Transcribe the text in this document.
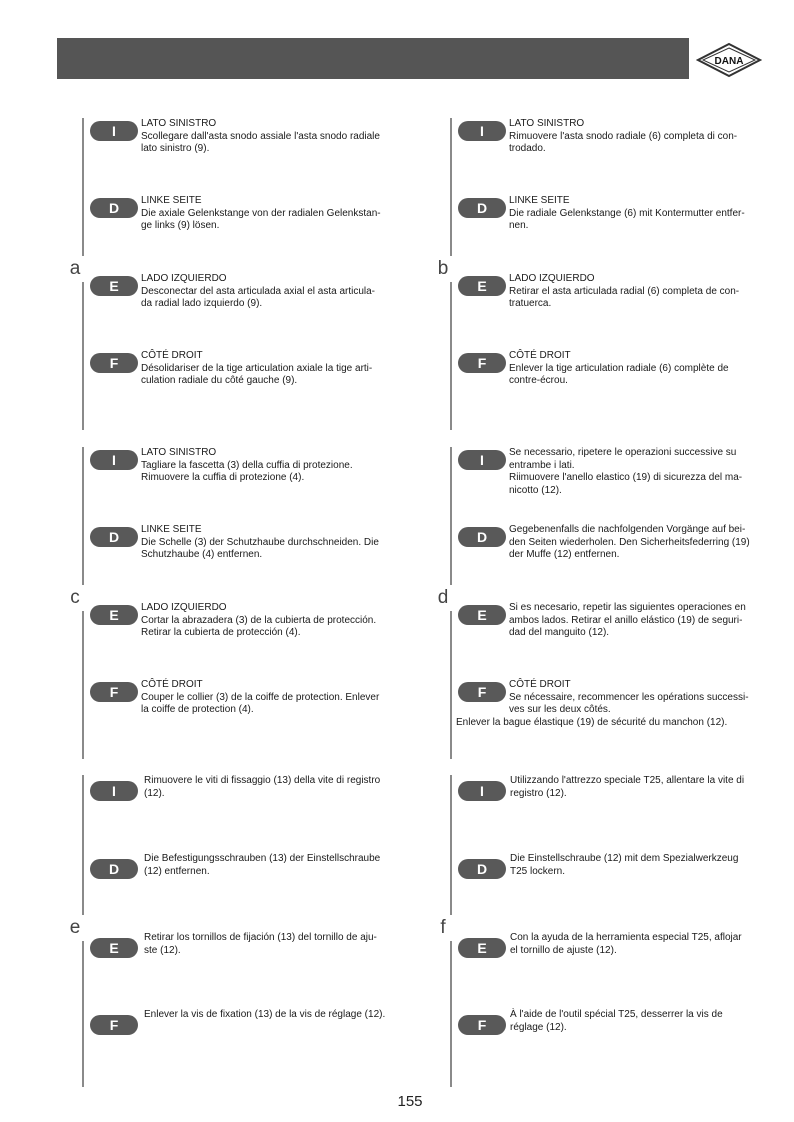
DANA
a
I	LATO SINISTRO
Scollegare dall'asta snodo assiale l'asta snodo radiale
lato sinistro (9).
D	LINKE SEITE
Die axiale Gelenkstange von der radialen Gelenkstan-
ge links (9) lösen.
E	LADO IZQUIERDO
Desconectar del asta articulada axial el asta articula-
da radial lado izquierdo (9).
F	CÔTÉ DROIT
Désolidariser de la tige articulation axiale la tige arti-
culation radiale du côté gauche (9).
b
I	LATO SINISTRO
Rimuovere l'asta snodo radiale (6) completa di con-
trodado.
D	LINKE SEITE
Die radiale Gelenkstange (6) mit Kontermutter entfer-
nen.
E	LADO IZQUIERDO
Retirar el asta articulada radial (6) completa de con-
tratuerca.
F	CÔTÉ DROIT
Enlever la tige articulation radiale (6) complète de
contre-écrou.
c
I	LATO SINISTRO
Tagliare la fascetta (3) della cuffia di protezione.
Rimuovere la cuffia di protezione (4).
D	LINKE SEITE
Die Schelle (3) der Schutzhaube durchschneiden. Die
Schutzhaube (4) entfernen.
E	LADO IZQUIERDO
Cortar la abrazadera (3) de la cubierta de protección.
Retirar la cubierta de protección (4).
F	CÔTÉ DROIT
Couper le collier (3) de la coiffe de protection. Enlever
la coiffe de protection (4).
d
I	Se necessario, ripetere le operazioni successive su
entrambe i lati.
Riimuovere l'anello elastico (19) di sicurezza del ma-
nicotto (12).
D	Gegebenenfalls die nachfolgenden Vorgänge auf bei-
den Seiten wiederholen. Den Sicherheitsfederring (19)
der Muffe (12) entfernen.
E	Si es necesario, repetir las siguientes operaciones en
ambos lados. Retirar el anillo elástico (19) de seguri-
dad del manguito (12).
F	CÔTÉ DROIT
Se nécessaire, recommencer les opérations successi-
ves sur les deux côtés.
Enlever la bague élastique (19) de sécurité du manchon (12).
e
I
Rimuovere le viti di fissaggio (13) della vite di registro
(12).
D
Die Befestigungsschrauben (13) der Einstellschraube
(12) entfernen.
E
Retirar los tornillos de fijación (13) del tornillo de aju-
ste (12).
F
Enlever la vis de fixation (13) de la vis de réglage (12).
f
I
Utilizzando l'attrezzo speciale T25, allentare la vite di
registro (12).
D
Die Einstellschraube (12) mit dem Spezialwerkzeug
T25 lockern.
E
Con la ayuda de la herramienta especial T25, aflojar
el tornillo de ajuste (12).
F
À l'aide de l'outil spécial T25, desserrer la vis de
réglage (12).
155
